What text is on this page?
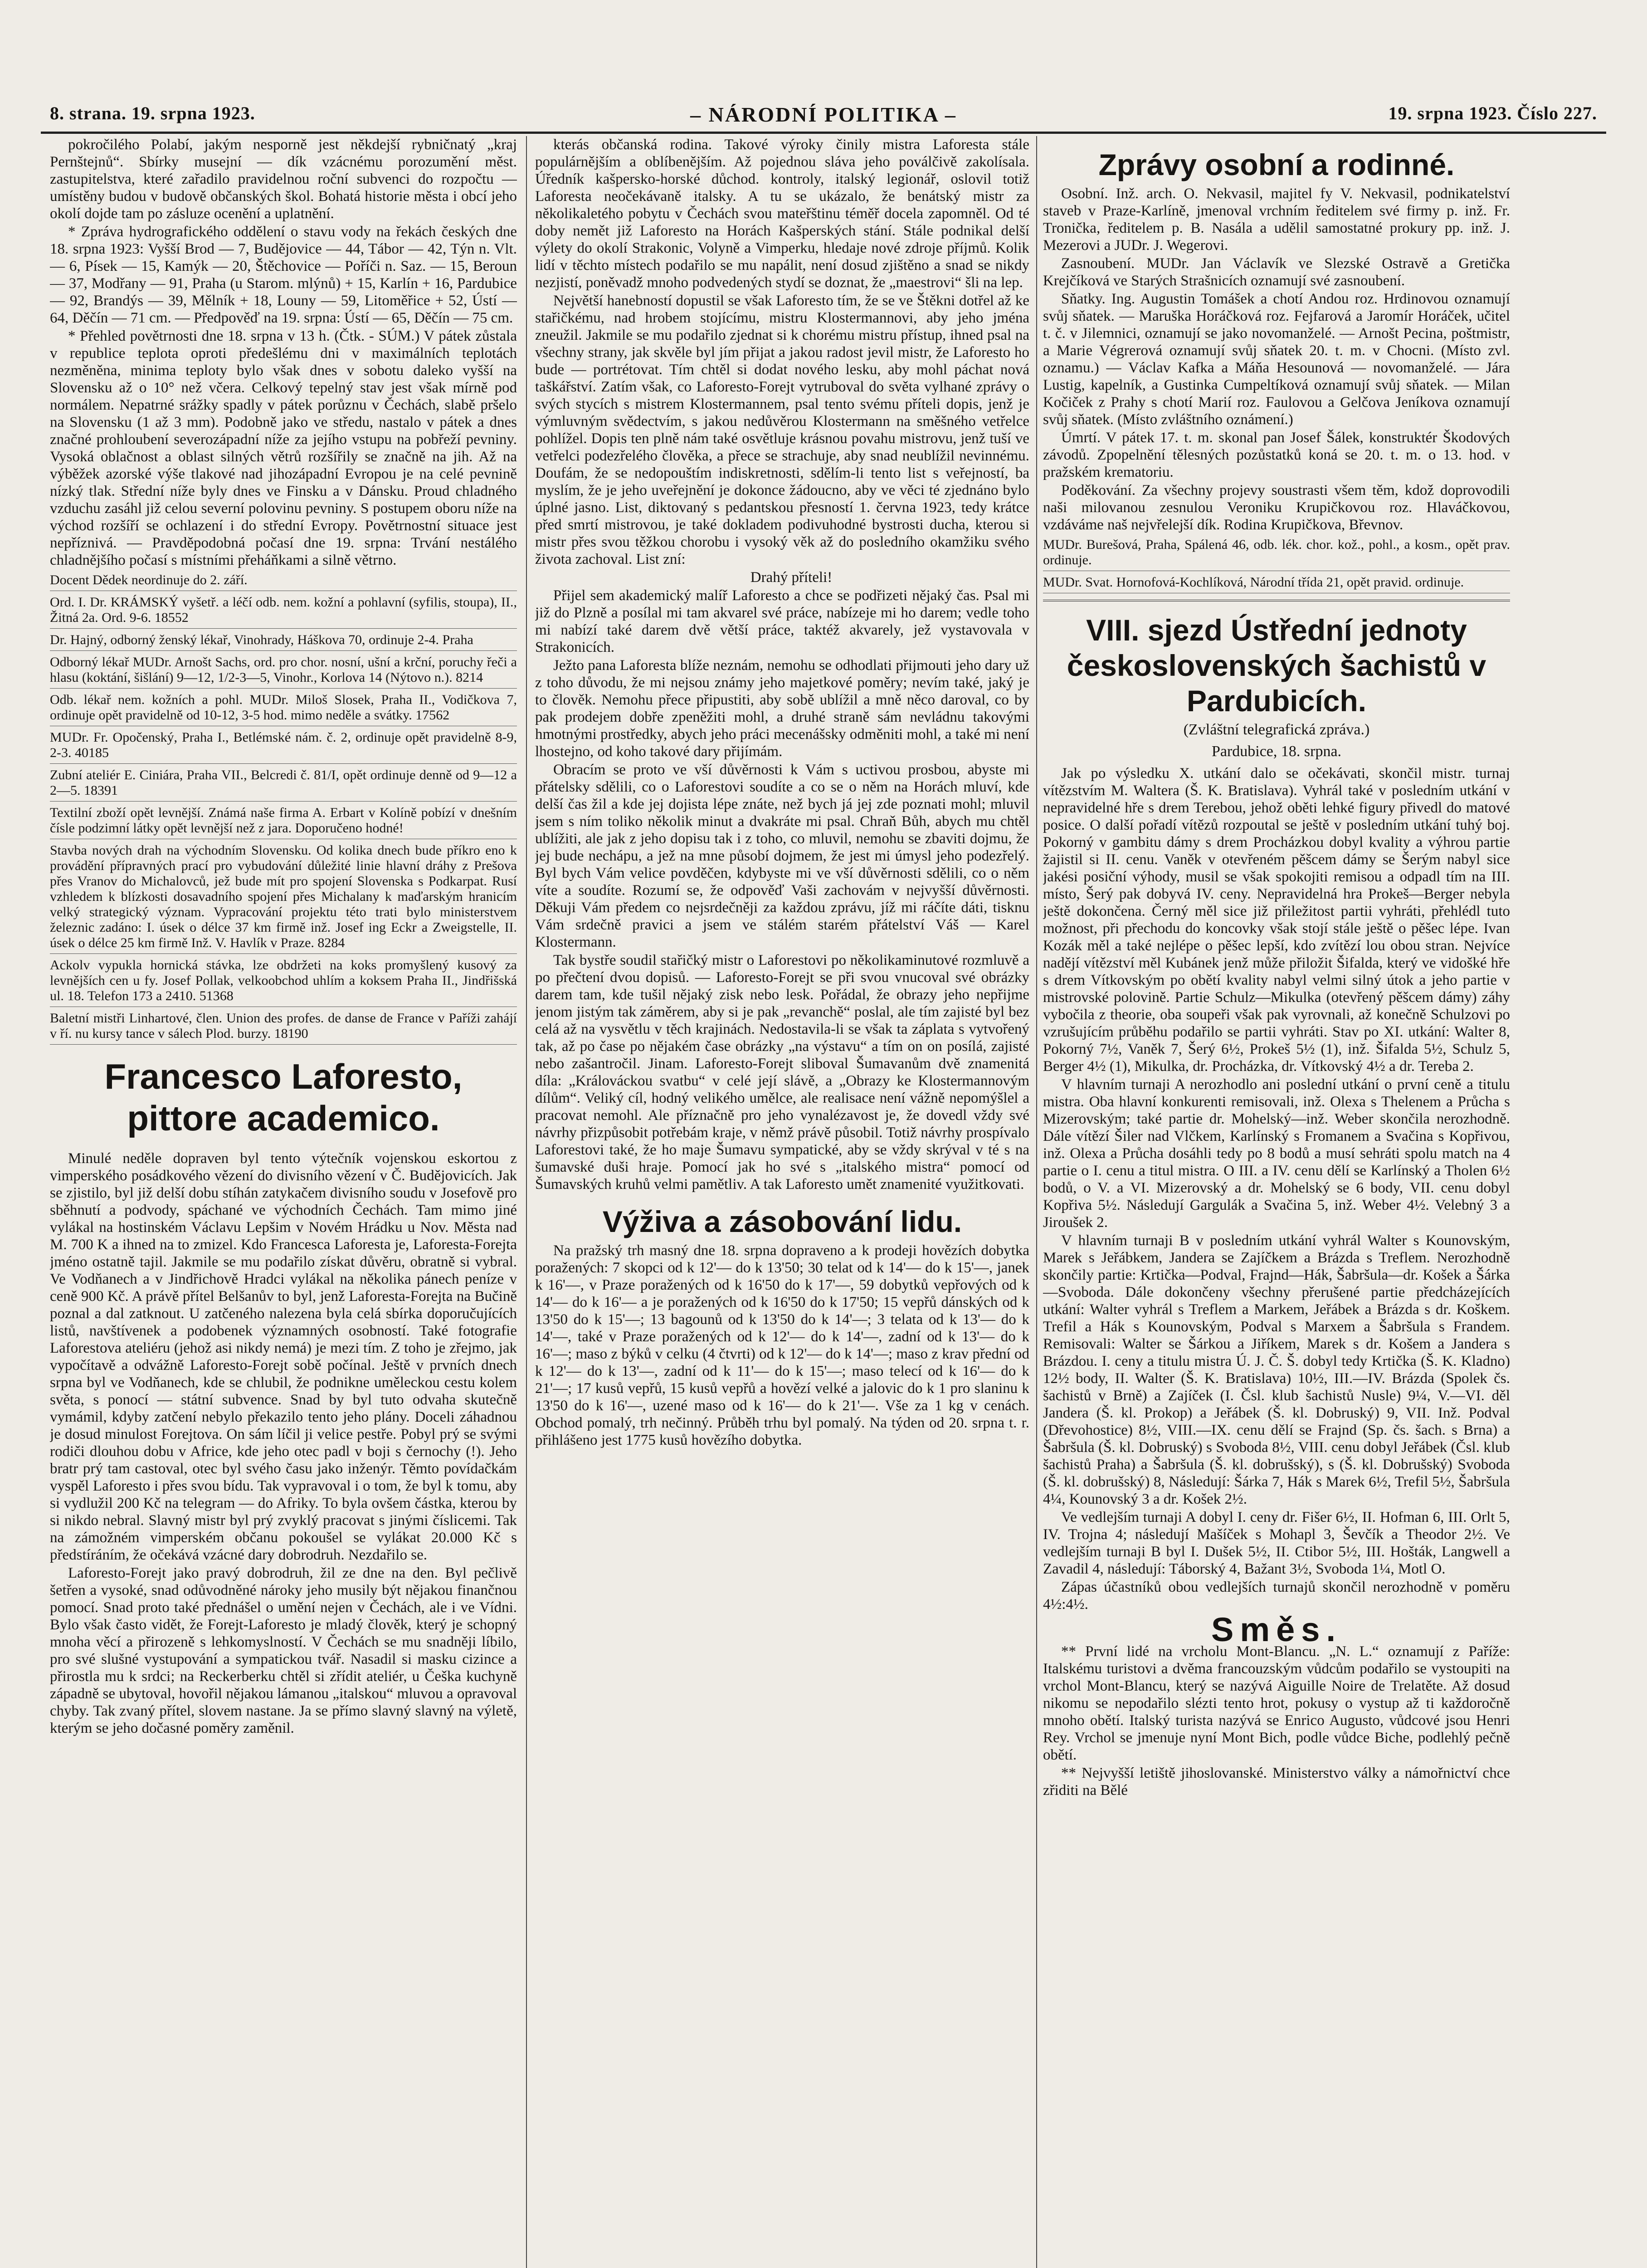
8. strana. 19. srpna 1923.	– NÁRODNÍ POLITIKA –	19. srpna 1923. Číslo 227.

pokročilého Polabí, jakým nesporně jest někdejší rybničnatý „kraj Pernštejnů“. Sbírky musejní — dík vzácnému porozumění měst. zastupitelstva, které zařadilo pravidelnou roční subvenci do rozpočtu — umístěny budou v budově občanských škol. Bohatá historie města i obcí jeho okolí dojde tam po zásluze ocenění a uplatnění.

* Zpráva hydrografického oddělení o stavu vody na řekách českých dne 18. srpna 1923: Vyšší Brod — 7, Budějovice — 44, Tábor — 42, Týn n. Vlt. — 6, Písek — 15, Kamýk — 20, Štěchovice — Poříči n. Saz. — 15, Beroun — 37, Modřany — 91, Praha (u Starom. mlýnů) + 15, Karlín + 16, Pardubice — 92, Brandýs — 39, Mělník + 18, Louny — 59, Litoměřice + 52, Ústí — 64, Děčín — 71 cm. — Předpověď na 19. srpna: Ústí — 65, Děčín — 75 cm.

* Přehled povětrnosti dne 18. srpna v 13 h. (Čtk. - SÚM.) V pátek zůstala v republice teplota oproti předešlému dni v maximálních teplotách nezměněna, minima teploty bylo však dnes v sobotu daleko vyšší na Slovensku až o 10° než včera. Celkový tepelný stav jest však mírně pod normálem. Nepatrné srážky spadly v pátek porůznu v Čechách, slabě pršelo na Slovensku (1 až 3 mm). Podobně jako ve středu, nastalo v pátek a dnes značné prohloubení severozápadní níže za jejího vstupu na pobřeží pevniny. Vysoká oblačnost a oblast silných větrů rozšířily se značně na jih. Až na výběžek azorské výše tlakové nad jihozápadní Evropou je na celé pevnině nízký tlak. Střední níže byly dnes ve Finsku a v Dánsku. Proud chladného vzduchu zasáhl již celou severní polovinu pevniny. S postupem oboru níže na východ rozšíří se ochlazení i do střední Evropy. Povětrnostní situace jest nepříznivá. — Pravděpodobná počasí dne 19. srpna: Trvání nestálého chladnějšího počasí s místními přeháňkami a silně větrno.

Docent Dědek neordinuje do 2. září.

Ord. I. Dr. KRÁMSKÝ vyšetř. a léčí odb. nem. kožní a pohlavní (syfilis, stoupa), II., Žitná 2a. Ord. 9-6. 18552

Dr. Hajný, odborný ženský lékař, Vinohrady, Háškova 70, ordinuje 2-4. Praha

Odborný lékař MUDr. Arnošt Sachs, ord. pro chor. nosní, ušní a krční, poruchy řeči a hlasu (koktání, šišlání) 9—12, 1/2-3—5, Vinohr., Korlova 14 (Nýtovo n.). 8214

Odb. lékař nem. kožních a pohl. MUDr. Miloš Slosek, Praha II., Vodičkova 7, ordinuje opět pravidelně od 10-12, 3-5 hod. mimo neděle a svátky. 17562

MUDr. Fr. Opočenský, Praha I., Betlémské nám. č. 2, ordinuje opět pravidelně 8-9, 2-3. 40185

Zubní ateliér E. Ciniára, Praha VII., Belcredi č. 81/I, opět ordinuje denně od 9—12 a 2—5. 18391

Textilní zboží opět levnější. Známá naše firma A. Erbart v Kolíně pobízí v dnešním čísle podzimní látky opět levnější než z jara. Doporučeno hodné!

Stavba nových drah na východním Slovensku. Od kolika dnech bude příkro eno k provádění přípravných prací pro vybudování důležité linie hlavní dráhy z Prešova přes Vranov do Michalovců, jež bude mít pro spojení Slovenska s Podkarpat. Rusí vzhledem k blízkosti dosavadního spojení přes Michalany k maďarským hranicím velký strategický význam. Vypracování projektu této trati bylo ministerstvem železnic zadáno: I. úsek o délce 37 km firmě inž. Josef ing Eckr a Zweigstelle, II. úsek o délce 25 km firmě Inž. V. Havlík v Praze. 8284

Ackolv vypukla hornická stávka, lze obdržeti na koks promyšlený kusový za levnějších cen u fy. Josef Pollak, velkoobchod uhlím a koksem Praha II., Jindřišská ul. 18. Telefon 173 a 2410. 51368

Baletní mistři Linhartové, člen. Union des profes. de danse de France v Paříži zahájí v ří. nu kursy tance v sálech Plod. burzy. 18190

Francesco Laforesto, pittore academico.

Minulé neděle dopraven byl tento výtečník vojenskou eskortou z vimperského posádkového vězení do divisního vězení v Č. Budějovicích. Jak se zjistilo, byl již delší dobu stíhán zatykačem divisního soudu v Josefově pro sběhnutí a podvody, spáchané ve východních Čechách. Tam mimo jiné vylákal na hostinském Václavu Lepšim v Novém Hrádku u Nov. Města nad M. 700 K a ihned na to zmizel. Kdo Francesca Laforesta je, Laforesta-Forejta jméno ostatně tajil. Jakmile se mu podařilo získat důvěru, obratně si vybral. Ve Vodňanech a v Jindřichově Hradci vylákal na několika pánech peníze v ceně 900 Kč. A právě přítel Belšanův to byl, jenž Laforesta-Forejta na Bučině poznal a dal zatknout. U zatčeného nalezena byla celá sbírka doporučujících listů, navštívenek a podobenek významných osobností. Také fotografie Laforestova ateliéru (jehož asi nikdy nemá) je mezi tím. Z toho je zřejmo, jak vypočítavě a odvážně Laforesto-Forejt sobě počínal. Ještě v prvních dnech srpna byl ve Vodňanech, kde se chlubil, že podnikne uměleckou cestu kolem světa, s ponocí — státní subvence. Snad by byl tuto odvaha skutečně vymámil, kdyby zatčení nebylo překazilo tento jeho plány. Doceli záhadnou je dosud minulost Forejtova. On sám líčil ji velice pestře. Pobyl prý se svými rodiči dlouhou dobu v Africe, kde jeho otec padl v boji s černochy (!). Jeho bratr prý tam castoval, otec byl svého času jako inženýr. Těmto povídačkám vyspěl Laforesto i přes svou bídu. Tak vypravoval i o tom, že byl k tomu, aby si vydlužil 200 Kč na telegram — do Afriky. To byla ovšem částka, kterou by si nikdo nebral. Slavný mistr byl prý zvyklý pracovat s jinými číslicemi. Tak na zámožném vimperském občanu pokoušel se vylákat 20.000 Kč s předstíráním, že očekává vzácné dary dobrodruh. Nezdařilo se.

Laforesto-Forejt jako pravý dobrodruh, žil ze dne na den. Byl pečlivě šetřen a vysoké, snad odůvodněné nároky jeho musily být nějakou finančnou pomocí. Snad proto také přednášel o umění nejen v Čechách, ale i ve Vídni. Bylo však často vidět, že Forejt-Laforesto je mladý člověk, který je schopný mnoha věcí a přirozeně s lehkomyslností. V Čechách se mu snadněji líbilo, pro své slušné vystupování a sympatickou tvář. Nasadil si masku cizince a přirostla mu k srdci; na Reckerberku chtěl si zřídit ateliér, u Češka kuchyně západně se ubytoval, hovořil nějakou lámanou „italskou“ mluvou a opravoval chyby. Tak zvaný přítel, slovem nastane. Ja se přímo slavný slavný na výletě, kterým se jeho dočasné poměry zaměnil.

kterás občanská rodina. Takové výroky činily mistra Laforesta stále populárnějším a oblíbenějším. Až pojednou sláva jeho poválčivě zakolísala. Úředník kašpersko-horské důchod. kontroly, italský legionář, oslovil totiž Laforesta neočekávaně italsky. A tu se ukázalo, že benátský mistr za několikaletého pobytu v Čechách svou mateřštinu téměř docela zapomněl. Od té doby nemět již Laforesto na Horách Kašperských stání. Stále podnikal delší výlety do okolí Strakonic, Volyně a Vimperku, hledaje nové zdroje příjmů. Kolik lidí v těchto místech podařilo se mu napálit, není dosud zjištěno a snad se nikdy nezjistí, poněvadž mnoho podvedených stydí se doznat, že „maestrovi“ šli na lep.

Největší hanebností dopustil se však Laforesto tím, že se ve Štěkni dotřel až ke stařičkému, nad hrobem stojícímu, mistru Klostermannovi, aby jeho jména zneužil. Jakmile se mu podařilo zjednat si k chorému mistru přístup, ihned psal na všechny strany, jak skvěle byl jím přijat a jakou radost jevil mistr, že Laforesto ho bude — portrétovat. Tím chtěl si dodat nového lesku, aby mohl páchat nová taškářství. Zatím však, co Laforesto-Forejt vytruboval do světa vylhané zprávy o svých stycích s mistrem Klostermannem, psal tento svému příteli dopis, jenž je výmluvným svědectvím, s jakou nedůvěrou Klostermann na směšného vetřelce pohlížel. Dopis ten plně nám také osvětluje krásnou povahu mistrovu, jenž tuší ve vetřelci podezřelého člověka, a přece se strachuje, aby snad neublížil nevinnému. Doufám, že se nedopouštím indiskretnosti, sdělím-li tento list s veřejností, ba myslím, že je jeho uveřejnění je dokonce žádoucno, aby ve věci té zjednáno bylo úplné jasno. List, diktovaný s pedantskou přesností 1. června 1923, tedy krátce před smrtí mistrovou, je také dokladem podivuhodné bystrosti ducha, kterou si mistr přes svou těžkou chorobu i vysoký věk až do posledního okamžiku svého života zachoval. List zní:

Drahý příteli!

Přijel sem akademický malíř Laforesto a chce se podřizeti nějaký čas. Psal mi již do Plzně a posílal mi tam akvarel své práce, nabízeje mi ho darem; vedle toho mi nabízí také darem dvě větší práce, taktéž akvarely, jež vystavovala v Strakonicích.

Ježto pana Laforesta blíže neznám, nemohu se odhodlati přijmouti jeho dary už z toho důvodu, že mi nejsou známy jeho majetkové poměry; nevím také, jaký je to člověk. Nemohu přece připustiti, aby sobě ublížil a mně něco daroval, co by pak prodejem dobře zpeněžiti mohl, a druhé straně sám nevládnu takovými hmotnými prostředky, abych jeho práci mecenášsky odměniti mohl, a také mi není lhostejno, od koho takové dary přijímám.

Obracím se proto ve vší důvěrnosti k Vám s uctivou prosbou, abyste mi přátelsky sdělili, co o Laforestovi soudíte a co se o něm na Horách mluví, kde delší čas žil a kde jej dojista lépe znáte, než bych já jej zde poznati mohl; mluvil jsem s ním toliko několik minut a dvakráte mi psal. Chraň Bůh, abych mu chtěl ublížiti, ale jak z jeho dopisu tak i z toho, co mluvil, nemohu se zbaviti dojmu, že jej bude nechápu, a jež na mne působí dojmem, že jest mi úmysl jeho podezřelý. Byl bych Vám velice povděčen, kdybyste mi ve vší důvěrnosti sdělili, co o něm víte a soudíte. Rozumí se, že odpověď Vaši zachovám v nejvyšší důvěrnosti. Děkuji Vám předem co nejsrdečněji za každou zprávu, jíž mi ráčíte dáti, tisknu Vám srdečně pravici a jsem ve stálém starém přátelství Váš — Karel Klostermann.

Tak bystře soudil stařičký mistr o Laforestovi po několikaminutové rozmluvě a po přečtení dvou dopisů. — Laforesto-Forejt se při svou vnucoval své obrázky darem tam, kde tušil nějaký zisk nebo lesk. Pořádal, že obrazy jeho nepřijme jenom jistým tak záměrem, aby si je pak „revanchě“ poslal, ale tím zajisté byl bez celá až na vysvětlu v těch krajinách. Nedostavila-li se však ta záplata s vytvořený tak, až po čase po nějakém čase obrázky „na výstavu“ a tím on on posílá, zajisté nebo zašantročil. Jinam. Laforesto-Forejt sliboval Šumavanům dvě znamenitá díla: „Králováckou svatbu“ v celé její slávě, a „Obrazy ke Klostermannovým dílům“. Veliký cíl, hodný velikého umělce, ale realisace není vážně nepomýšlel a pracovat nemohl. Ale příznačně pro jeho vynalézavost je, že dovedl vždy své návrhy přizpůsobit potřebám kraje, v němž právě působil. Totiž návrhy prospívalo Laforestovi také, že ho maje Šumavu sympatické, aby se vždy skrýval v té s na šumavské duši hraje. Pomocí jak ho své s „italského mistra“ pomocí od Šumavských kruhů velmi pamětliv. A tak Laforesto umět znamenité využitkovati.

Výživa a zásobování lidu.

Na pražský trh masný dne 18. srpna dopraveno a k prodeji hovězích dobytka poražených: 7 skopci od k 12'— do k 13'50; 30 telat od k 14'— do k 15'—, janek k 16'—, v Praze poražených od k 16'50 do k 17'—, 59 dobytků vepřových od k 14'— do k 16'— a je poražených od k 16'50 do k 17'50; 15 vepřů dánských od k 13'50 do k 15'—; 13 bagounů od k 13'50 do k 14'—; 3 telata od k 13'— do k 14'—, také v Praze poražených od k 12'— do k 14'—, zadní od k 13'— do k 16'—; maso z býků v celku (4 čtvrti) od k 12'— do k 14'—; maso z krav přední od k 12'— do k 13'—, zadní od k 11'— do k 15'—; maso telecí od k 16'— do k 21'—; 17 kusů vepřů, 15 kusů vepřů a hovězí velké a jalovic do k 1 pro slaninu k 13'50 do k 16'—, uzené maso od k 16'— do k 21'—. Vše za 1 kg v cenách. Obchod pomalý, trh nečinný. Průběh trhu byl pomalý. Na týden od 20. srpna t. r. přihlášeno jest 1775 kusů hovězího dobytka.

Zprávy osobní a rodinné.

Osobní. Inž. arch. O. Nekvasil, majitel fy V. Nekvasil, podnikatelství staveb v Praze-Karlíně, jmenoval vrchním ředitelem své firmy p. inž. Fr. Tronička, ředitelem p. B. Nasála a udělil samostatné prokury pp. inž. J. Mezerovi a JUDr. J. Wegerovi.

Zasnoubení. MUDr. Jan Václavík ve Slezské Ostravě a Gretička Krejčíková ve Starých Strašnicích oznamují své zasnoubení.

Sňatky. Ing. Augustin Tomášek a chotí Andou roz. Hrdinovou oznamují svůj sňatek. — Maruška Horáčková roz. Fejfarová a Jaromír Horáček, učitel t. č. v Jilemnici, oznamují se jako novomanželé. — Arnošt Pecina, poštmistr, a Marie Végrerová oznamují svůj sňatek 20. t. m. v Chocni. (Místo zvl. oznamu.) — Václav Kafka a Máňa Hesounová — novomanželé. — Jára Lustig, kapelník, a Gustinka Cumpeltíková oznamují svůj sňatek. — Milan Kočiček z Prahy s chotí Marií roz. Faulovou a Gelčova Jeníkova oznamují svůj sňatek. (Místo zvláštního oznámení.)

Úmrtí. V pátek 17. t. m. skonal pan Josef Šálek, konstruktér Škodových závodů. Zpopelnění tělesných pozůstatků koná se 20. t. m. o 13. hod. v pražském krematoriu.

Poděkování. Za všechny projevy soustrasti všem těm, kdož doprovodili naši milovanou zesnulou Veroniku Krupičkovou roz. Hlaváčkovou, vzdáváme naš nejvřelejší dík. Rodina Krupičkova, Břevnov.

MUDr. Burešová, Praha, Spálená 46, odb. lék. chor. kož., pohl., a kosm., opět prav. ordinuje.

MUDr. Svat. Hornofová-Kochlíková, Národní třída 21, opět pravid. ordinuje.

VIII. sjezd Ústřední jednoty československých šachistů v Pardubicích.
(Zvláštní telegrafická zpráva.)
Pardubice, 18. srpna.

Jak po výsledku X. utkání dalo se očekávati, skončil mistr. turnaj vítězstvím M. Waltera (Š. K. Bratislava). Vyhrál také v posledním utkání v nepravidelné hře s drem Terebou, jehož oběti lehké figury přivedl do matové posice. O další pořadí vítězů rozpoutal se ještě v posledním utkání tuhý boj. Pokorný v gambitu dámy s drem Procházkou dobyl kvality a výhrou partie žajistil si II. cenu. Vaněk v otevřeném pěšcem dámy se Šerým nabyl sice jakési posiční výhody, musil se však spokojiti remisou a odpadl tím na III. místo, Šerý pak dobyvá IV. ceny. Nepravidelná hra Prokeš—Berger nebyla ještě dokončena. Černý měl sice již přiležitost partii vyhráti, přehlédl tuto možnost, při přechodu do koncovky však stojí stále ještě o pěšec lépe. Ivan Kozák měl a také nejlépe o pěšec lepší, kdo zvítězí lou obou stran. Nejvíce nadějí vítězství měl Kubánek jenž může přiložit Šifalda, který ve vidošké hře s drem Vítkovským po obětí kvality nabyl velmi silný útok a jeho partie v mistrovské polovině. Partie Schulz—Mikulka (otevřený pěšcem dámy) záhy vybočila z theorie, oba soupeři však pak vyrovnali, až konečně Schulzovi po vzrušujícím průběhu podařilo se partii vyhráti. Stav po XI. utkání: Walter 8, Pokorný 7½, Vaněk 7, Šerý 6½, Prokeš 5½ (1), inž. Šifalda 5½, Schulz 5, Berger 4½ (1), Mikulka, dr. Procházka, dr. Vítkovský 4½ a dr. Tereba 2.

V hlavním turnaji A nerozhodlo ani poslední utkání o první ceně a titulu mistra. Oba hlavní konkurenti remisovali, inž. Olexa s Thelenem a Průcha s Mizerovským; také partie dr. Mohelský—inž. Weber skončila nerozhodně. Dále vítězí Šiler nad Vlčkem, Karlínský s Fromanem a Svačina s Kopřivou, inž. Olexa a Průcha dosáhli tedy po 8 bodů a musí sehráti spolu match na 4 partie o I. cenu a titul mistra. O III. a IV. cenu dělí se Karlínský a Tholen 6½ bodů, o V. a VI. Mizerovský a dr. Mohelský se 6 body, VII. cenu dobyl Kopřiva 5½. Následují Gargulák a Svačina 5, inž. Weber 4½. Velebný 3 a Jiroušek 2.

V hlavním turnaji B v posledním utkání vyhrál Walter s Kounovským, Marek s Jeřábkem, Jandera se Zajíčkem a Brázda s Treflem. Nerozhodně skončily partie: Krtička—Podval, Frajnd—Hák, Šabršula—dr. Košek a Šárka—Svoboda. Dále dokončeny všechny přerušené partie předcházejících utkání: Walter vyhrál s Treflem a Markem, Jeřábek a Brázda s dr. Koškem. Trefil a Hák s Kounovským, Podval s Marxem a Šabršula s Frandem. Remisovali: Walter se Šárkou a Jiříkem, Marek s dr. Košem a Jandera s Brázdou. I. ceny a titulu mistra Ú. J. Č. Š. dobyl tedy Krtička (Š. K. Kladno) 12½ body, II. Walter (Š. K. Bratislava) 10½, III.—IV. Brázda (Spolek čs. šachistů v Brně) a Zajíček (I. Čsl. klub šachistů Nusle) 9¼, V.—VI. děl Jandera (Š. kl. Prokop) a Jeřábek (Š. kl. Dobruský) 9, VII. Inž. Podval (Dřevohostice) 8½, VIII.—IX. cenu dělí se Frajnd (Sp. čs. šach. s Brna) a Šabršula (Š. kl. Dobruský) s Svoboda 8½, VIII. cenu dobyl Jeřábek (Čsl. klub šachistů Praha) a Šabršula (Š. kl. dobrušský), s (Š. kl. Dobrušský) Svoboda (Š. kl. dobrušský) 8, Následují: Šárka 7, Hák s Marek 6½, Trefil 5½, Šabršula 4¼, Kounovský 3 a dr. Košek 2½.

Ve vedlejším turnaji A dobyl I. ceny dr. Fišer 6½, II. Hofman 6, III. Orlt 5, IV. Trojna 4; následují Mašíček s Mohapl 3, Ševčík a Theodor 2½. Ve vedlejším turnaji B byl I. Dušek 5½, II. Ctibor 5½, III. Hošták, Langwell a Zavadil 4, následují: Táborský 4, Bažant 3½, Svoboda 1¼, Motl O.

Zápas účastníků obou vedlejších turnajů skončil nerozhodně v poměru 4½:4½.

Směs.

** První lidé na vrcholu Mont-Blancu. „N. L.“ oznamují z Paříže: Italskému turistovi a dvěma francouzským vůdcům podařilo se vystoupiti na vrchol Mont-Blancu, který se nazývá Aiguille Noire de Trelatěte. Až dosud nikomu se nepodařilo slézti tento hrot, pokusy o vystup až ti každoročně mnoho obětí. Italský turista nazývá se Enrico Augusto, vůdcové jsou Henri Rey. Vrchol se jmenuje nyní Mont Bich, podle vůdce Biche, podlehlý pečně obětí.

** Nejvyšší letiště jihoslovanské. Ministerstvo války a námořnictví chce zřiditi na Bělé
